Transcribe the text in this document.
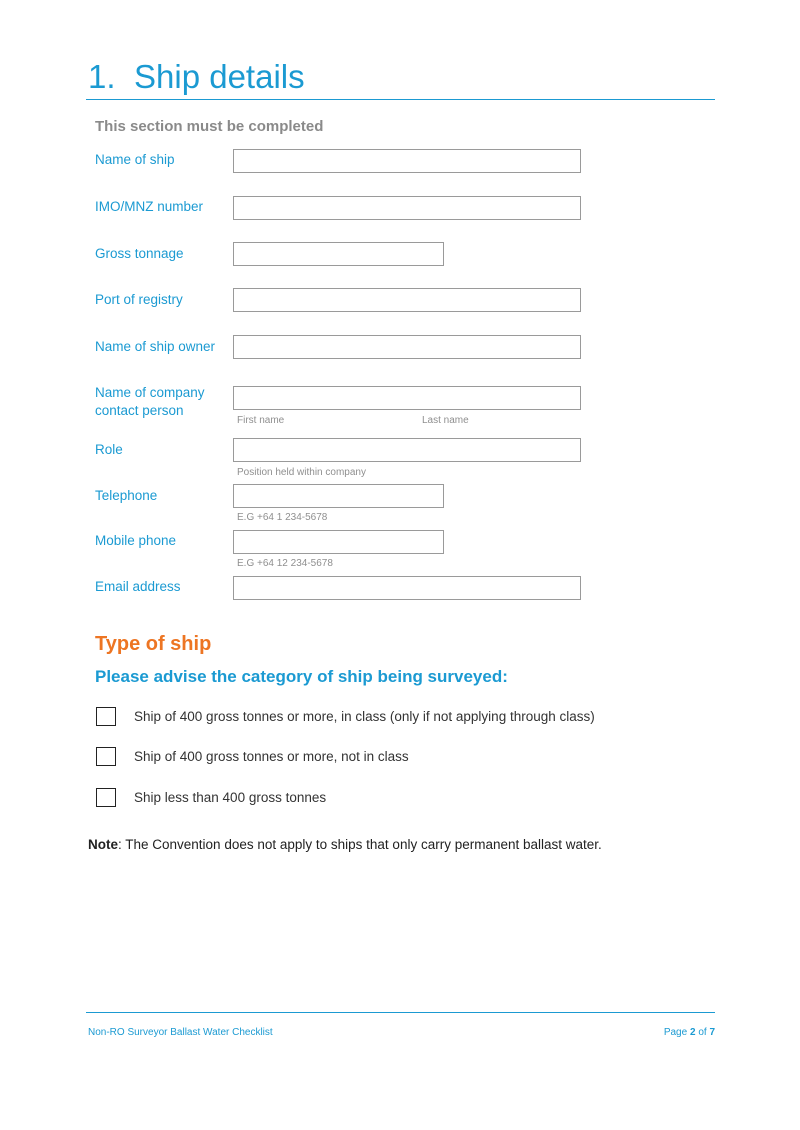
1. Ship details
This section must be completed
Name of ship
IMO/MNZ number
Gross tonnage
Port of registry
Name of ship owner
Name of company
contact person
First name	Last name
Role
Position held within company
Telephone
E.G +64 1 234-5678
Mobile phone
E.G +64 12 234-5678
Email address
Type of ship
Please advise the category of ship being surveyed:
Ship of 400 gross tonnes or more, in class (only if not applying through class)
Ship of 400 gross tonnes or more, not in class
Ship less than 400 gross tonnes
Note: The Convention does not apply to ships that only carry permanent ballast water.
Non-RO Surveyor Ballast Water Checklist	Page 2 of 7
